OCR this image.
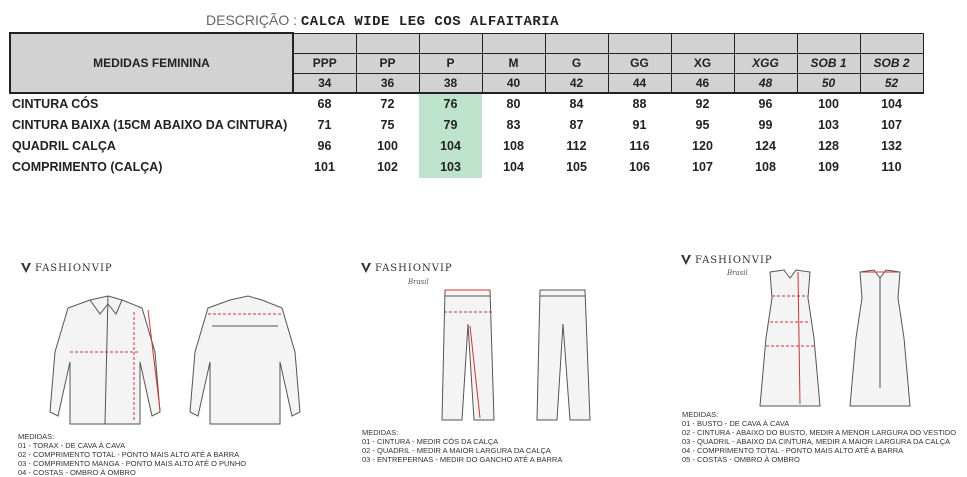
DESCRIÇÃO : CALCA WIDE LEG COS ALFAITARIA
MEDIDAS FEMININA										
	PPP	PP	P	M	G	GG	XG	XGG	SOB 1	SOB 2
	34	36	38	40	42	44	46	48	50	52
CINTURA CÓS	68	72	76	80	84	88	92	96	100	104
CINTURA BAIXA (15CM ABAIXO DA CINTURA)	71	75	79	83	87	91	95	99	103	107
QUADRIL CALÇA	96	100	104	108	112	116	120	124	128	132
COMPRIMENTO (CALÇA)	101	102	103	104	105	106	107	108	109	110
FASHIONVIP
MEDIDAS:
01 - TORAX - DE CAVA À CAVA
02 - COMPRIMENTO TOTAL - PONTO MAIS ALTO ATÉ A BARRA
03 - COMPRIMENTO MANGA - PONTO MAIS ALTO ATÉ O PUNHO
04 - COSTAS - OMBRO À OMBRO
FASHIONVIP
Brasil
MEDIDAS:
01 - CINTURA - MEDIR CÓS DA CALÇA
02 - QUADRIL - MEDIR A MAIOR LARGURA DA CALÇA
03 - ENTREPERNAS - MEDIR DO GANCHO ATÉ A BARRA
FASHIONVIP
Brasil
MEDIDAS:
01 - BUSTO - DE CAVA À CAVA
02 - CINTURA - ABAIXO DO BUSTO, MEDIR A MENOR LARGURA DO VESTIDO
03 - QUADRIL - ABAIXO DA CINTURA, MEDIR A MAIOR LARGURA DA CALÇA
04 - COMPRIMENTO TOTAL - PONTO MAIS ALTO ATÉ A BARRA
05 - COSTAS - OMBRO À OMBRO
